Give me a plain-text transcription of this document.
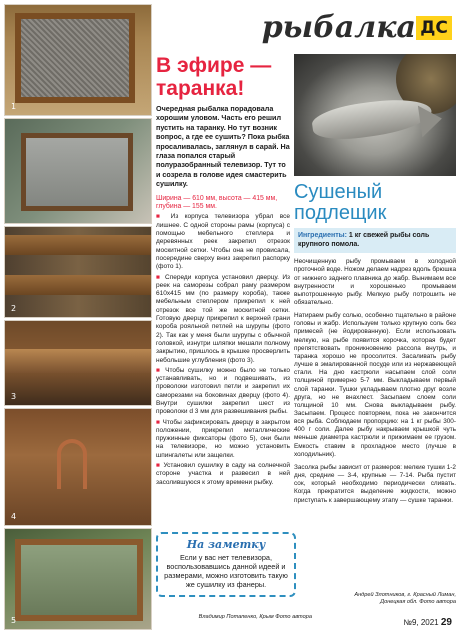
1
2
3
4
5
рыбалка ДС
В эфире — таранка!
Очередная рыбалка порадовала хорошим уловом. Часть его решил пустить на таранку. Но тут возник вопрос, а где ее сушить? Пока рыбка просаливалась, заглянул в сарай. На глаза попался старый полуразобранный телевизор. Тут то и созрела в голове идея смастерить сушилку.
Ширина — 610 мм, высота — 415 мм, глубина — 155 мм.

■ Из корпуса телевизора убрал все лишнее. С одной стороны рамы (корпуса) с помощью мебельного степлера и деревянных реек закрепил отрезок москитной сетки. Чтобы она не провисала, посередине сверху вниз закрепил распорку (фото 1).

■ Спереди корпуса установил дверцу. Из реек на саморезы собрал раму размером 610х415 мм (по размеру короба), также мебельным степлером прикрепил к ней отрезок все той же москитной сетки. Готовую дверцу прикрепил к верхней грани короба рояльной петлей на шурупы (фото 2). Так как у меня были шурупы с обычной головкой, изнутри шляпки мешали полному закрытию, пришлось в крышке просверлить небольшие углубления (фото 3).

■ Чтобы сушилку можно было не только устанавливать, но и подвешивать, из проволоки изготовил петли и закрепил их саморезами на боковинах дверцу (фото 4). Внутри сушилки закрепил шест из проволоки d 3 мм для развешивания рыбы.

■ Чтобы зафиксировать дверцу в закрытом положении, прикрепил металлические пружинные фиксаторы (фото 5), они были на телевизоре, но можно установить шпингалеты или защелки.

■ Установил сушилку в саду на солнечной стороне участка и развесил в ней засолившуюся к этому времени рыбку.

На заметку
Если у вас нет телевизора, воспользовавшись данной идеей и размерами, можно изготовить такую же сушилку из фанеры.
Владимир Потапенко, Крым Фото автора
Сушеный подлещик
Ингредиенты: 1 кг свежей рыбы соль крупного помола.

Неочищенную рыбу промываем в холодной проточной воде. Ножом делаем надрез вдоль брюшка от нижнего заднего плавника до жабр. Вынимаем все внутренности и хорошенько промываем выпотрошенную рыбу. Мелкую рыбу потрошить не обязательно.

Натираем рыбу солью, особенно тщательно в районе головы и жабр. Используем только крупную соль без примесей (не йодированную). Если использовать мелкую, на рыбе появится корочка, которая будет препятствовать проникновению рассола внутрь, и таранка хорошо не просолится. Засаливать рыбу лучше в эмалированной посуде или из нержавеющей стали. На дно кастрюли насыпаем слой соли толщиной примерно 5-7 мм. Выкладываем первый слой таранки. Тушки укладываем плотно друг возле друга, но не внахлест. Засыпаем слоем соли толщиной 10 мм. Снова выкладываем рыбу. Засыпаем. Процесс повторяем, пока не закончится вся рыба. Соблюдаем пропорцию: на 1 кг рыбы 300-400 г соли. Далее рыбу накрываем крышкой чуть меньше диаметра кастрюли и прижимаем ее грузом. Емкость ставим в прохладное место (лучше в холодильник).

Засолка рыбы зависит от размеров: мелкие тушки 1-2 дня, средние — 3-4, крупные — 7-14. Рыба пустит сок, который необходимо периодически сливать. Когда прекратится выделение жидкости, можно приступать к завершающему этапу — сушке таранки.

Андрей Злотников, г. Красный Лиман, Донецкая обл. Фото автора
№9, 2021 29
